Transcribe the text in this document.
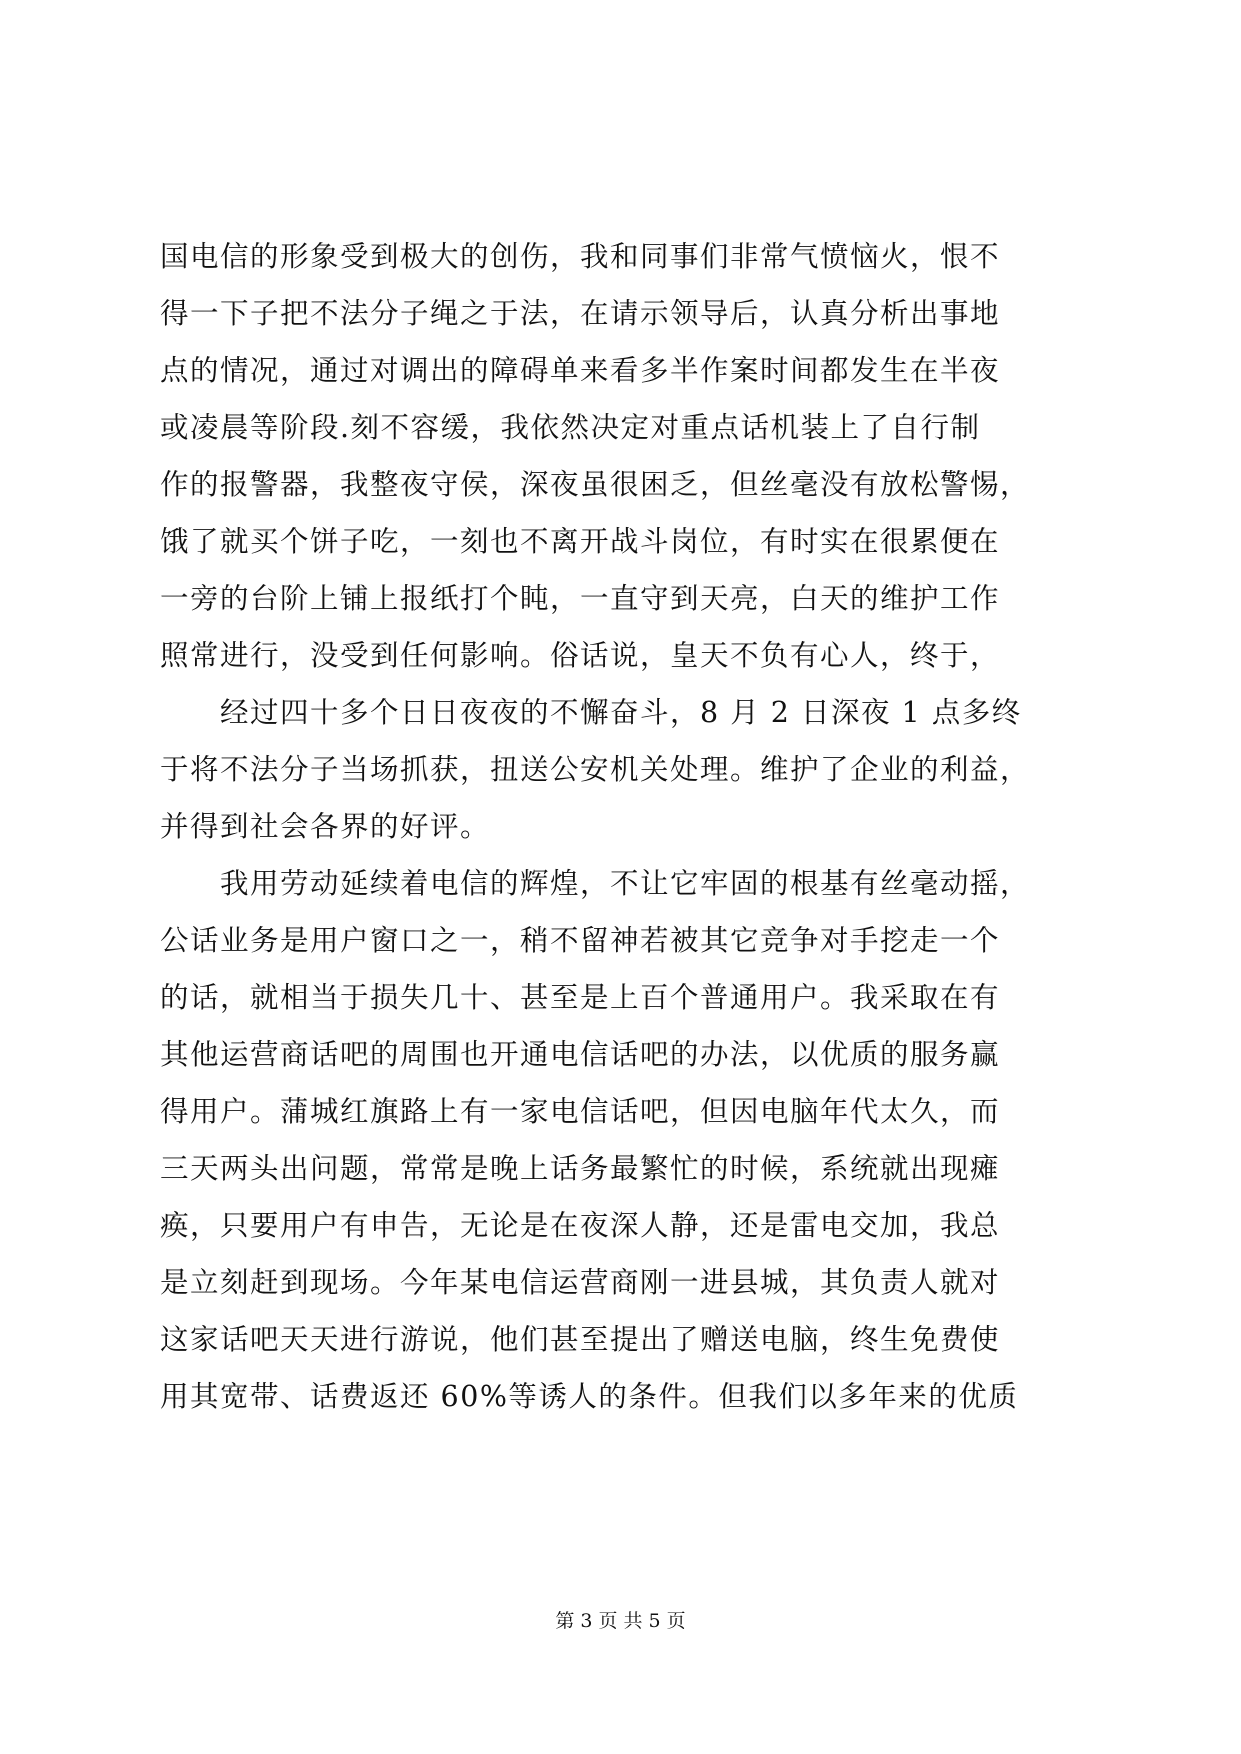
国电信的形象受到极大的创伤，我和同事们非常气愤恼火，恨不
得一下子把不法分子绳之于法，在请示领导后，认真分析出事地
点的情况，通过对调出的障碍单来看多半作案时间都发生在半夜
或凌晨等阶段.刻不容缓，我依然决定对重点话机装上了自行制
作的报警器，我整夜守侯，深夜虽很困乏，但丝毫没有放松警惕，
饿了就买个饼子吃，一刻也不离开战斗岗位，有时实在很累便在
一旁的台阶上铺上报纸打个盹，一直守到天亮，白天的维护工作
照常进行，没受到任何影响。俗话说，皇天不负有心人，终于，
　　经过四十多个日日夜夜的不懈奋斗，8 月 2 日深夜 1 点多终
于将不法分子当场抓获，扭送公安机关处理。维护了企业的利益，
并得到社会各界的好评。
　　我用劳动延续着电信的辉煌，不让它牢固的根基有丝毫动摇，
公话业务是用户窗口之一，稍不留神若被其它竞争对手挖走一个
的话，就相当于损失几十、甚至是上百个普通用户。我采取在有
其他运营商话吧的周围也开通电信话吧的办法，以优质的服务赢
得用户。蒲城红旗路上有一家电信话吧，但因电脑年代太久，而
三天两头出问题，常常是晚上话务最繁忙的时候，系统就出现瘫
痪，只要用户有申告，无论是在夜深人静，还是雷电交加，我总
是立刻赶到现场。今年某电信运营商刚一进县城，其负责人就对
这家话吧天天进行游说，他们甚至提出了赠送电脑，终生免费使
用其宽带、话费返还 60%等诱人的条件。但我们以多年来的优质
第 3 页 共 5 页
